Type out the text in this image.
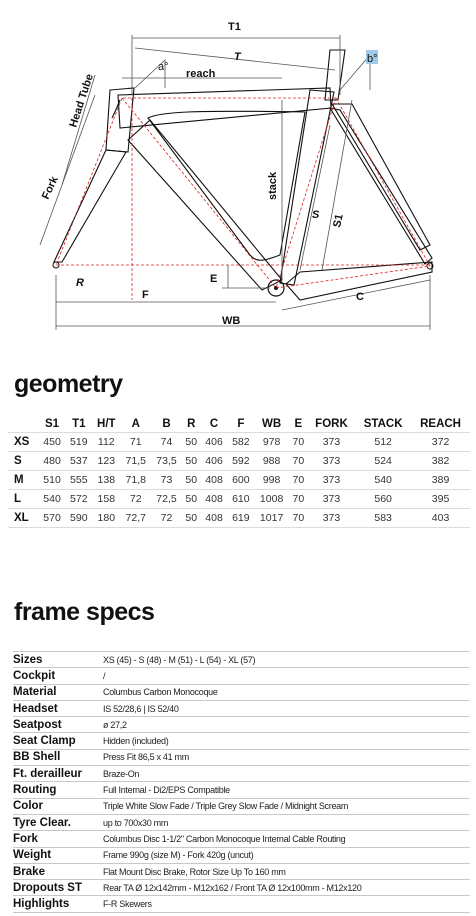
T1
T
a°
b°
reach
Head Tube
Fork	stack
S S1
R
F
E
C
WB
geometry
	S1	T1	H/T	A	B	R	C	F	WB	E	FORK	STACK	REACH
XS	450	519	112	71	74	50	406	582	978	70	373	512	372
S	480	537	123	71,5	73,5	50	406	592	988	70	373	524	382
M	510	555	138	71,8	73	50	408	600	998	70	373	540	389
L	540	572	158	72	72,5	50	408	610	1008	70	373	560	395
XL	570	590	180	72,7	72	50	408	619	1017	70	373	583	403
frame specs
Sizes	XS (45) - S (48) - M (51) - L (54) - XL (57)
Cockpit	/
Material	Columbus Carbon Monocoque
Headset	IS 52/28,6 | IS 52/40
Seatpost	ø 27,2
Seat Clamp	Hidden (included)
BB Shell	Press Fit 86,5 x 41 mm
Ft. derailleur	Braze-On
Routing	Full Internal - Di2/EPS Compatible
Color	Triple White Slow Fade / Triple Grey Slow Fade / Midnight Scream
Tyre Clear.	up to 700x30 mm
Fork	Columbus Disc 1-1/2" Carbon Monocoque Internal Cable Routing
Weight	Frame 990g (size M) - Fork 420g (uncut)
Brake	Flat Mount Disc Brake, Rotor Size Up To 160 mm
Dropouts ST	Rear TA Ø 12x142mm - M12x162 / Front TA Ø 12x100mm - M12x120
Highlights	F-R Skewers
